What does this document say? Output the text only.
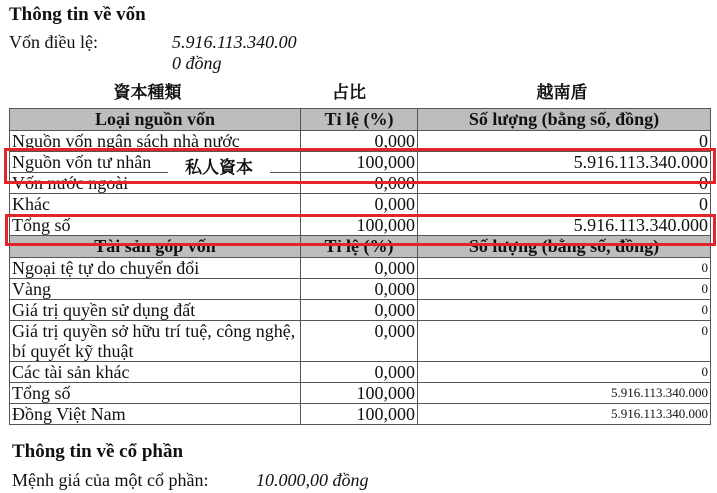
Thông tin về vốn
Vốn điều lệ:	5.916.113.340.00
0 đồng
Loại nguồn vốn	Tỉ lệ (%)	Số lượng (bằng số, đồng)
Nguồn vốn ngân sách nhà nước	0,000	0
Nguồn vốn tư nhân	100,000	5.916.113.340.000
Vốn nước ngoài	0,000	0
Khác	0,000	0
Tổng số	100,000	5.916.113.340.000
Tài sản góp vốn	Tỉ lệ (%)	Số lượng (bằng số, đồng)
Ngoại tệ tự do chuyển đổi	0,000	0
Vàng	0,000	0
Giá trị quyền sử dụng đất	0,000	0
Giá trị quyền sở hữu trí tuệ, công nghệ, bí quyết kỹ thuật	0,000	0
Các tài sản khác	0,000	0
Tổng số	100,000	5.916.113.340.000
Đồng Việt Nam	100,000	5.916.113.340.000
資本種類	占比	越南盾
私人資本
Thông tin về cổ phần
Mệnh giá của một cổ phần:	10.000,00 đồng
